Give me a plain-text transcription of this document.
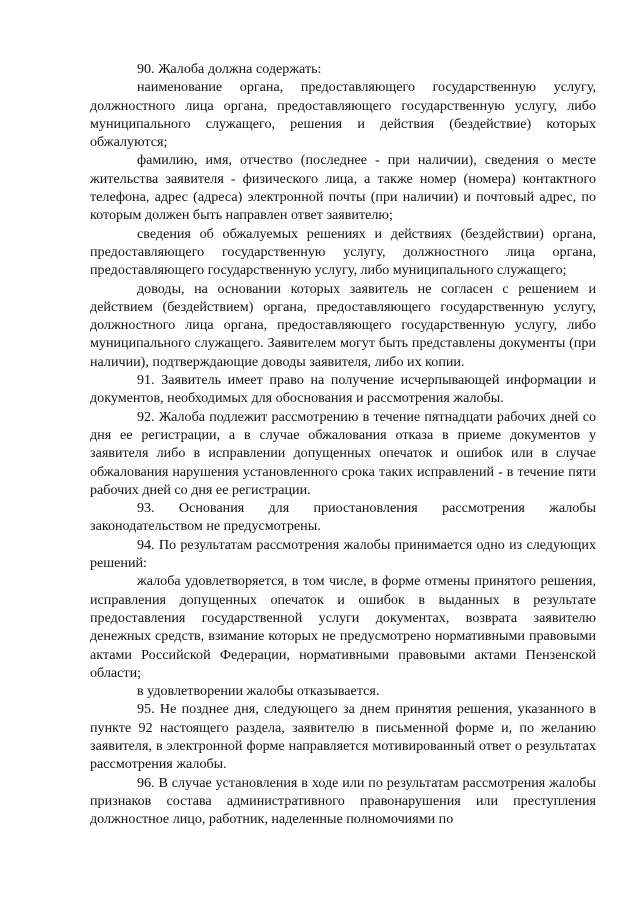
90. Жалоба должна содержать:

наименование органа, предоставляющего государственную услугу, должностного лица органа, предоставляющего государственную услугу, либо муниципального служащего, решения и действия (бездействие) которых обжалуются;

фамилию, имя, отчество (последнее - при наличии), сведения о месте жительства заявителя - физического лица, а также номер (номера) контактного телефона, адрес (адреса) электронной почты (при наличии) и почтовый адрес, по которым должен быть направлен ответ заявителю;

сведения об обжалуемых решениях и действиях (бездействии) органа, предоставляющего государственную услугу, должностного лица органа, предоставляющего государственную услугу, либо муниципального служащего;

доводы, на основании которых заявитель не согласен с решением и действием (бездействием) органа, предоставляющего государственную услугу, должностного лица органа, предоставляющего государственную услугу, либо муниципального служащего. Заявителем могут быть представлены документы (при наличии), подтверждающие доводы заявителя, либо их копии.

91. Заявитель имеет право на получение исчерпывающей информации и документов, необходимых для обоснования и рассмотрения жалобы.

92. Жалоба подлежит рассмотрению в течение пятнадцати рабочих дней со дня ее регистрации, а в случае обжалования отказа в приеме документов у заявителя либо в исправлении допущенных опечаток и ошибок или в случае обжалования нарушения установленного срока таких исправлений - в течение пяти рабочих дней со дня ее регистрации.

93. Основания для приостановления рассмотрения жалобы законодательством не предусмотрены.

94. По результатам рассмотрения жалобы принимается одно из следующих решений:

жалоба удовлетворяется, в том числе, в форме отмены принятого решения, исправления допущенных опечаток и ошибок в выданных в результате предоставления государственной услуги документах, возврата заявителю денежных средств, взимание которых не предусмотрено нормативными правовыми актами Российской Федерации, нормативными правовыми актами Пензенской области;

в удовлетворении жалобы отказывается.

95. Не позднее дня, следующего за днем принятия решения, указанного в пункте 92 настоящего раздела, заявителю в письменной форме и, по желанию заявителя, в электронной форме направляется мотивированный ответ о результатах рассмотрения жалобы.

96. В случае установления в ходе или по результатам рассмотрения жалобы признаков состава административного правонарушения или преступления должностное лицо, работник, наделенные полномочиями по
